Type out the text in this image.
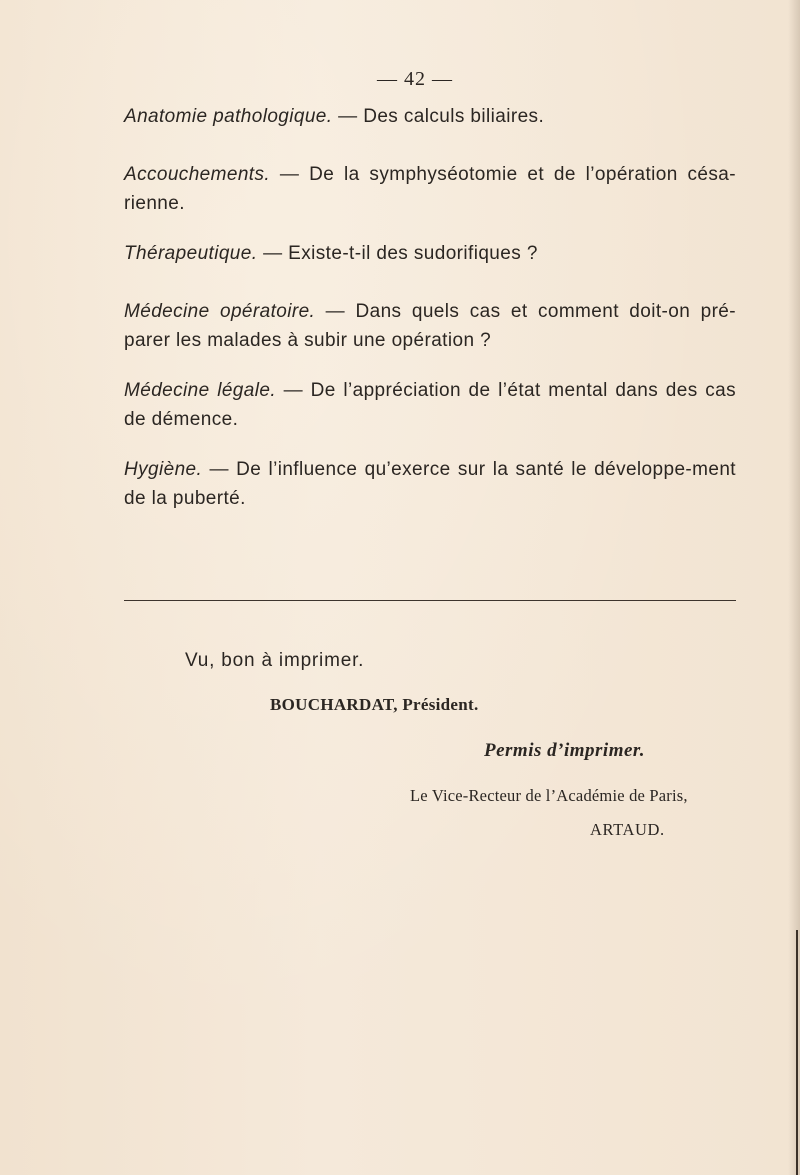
— 42 —
Anatomie pathologique. — Des calculs biliaires.
Accouchements. — De la symphyséotomie et de l’opération césa-rienne.
Thérapeutique. — Existe-t-il des sudorifiques ?
Médecine opératoire. — Dans quels cas et comment doit-on pré-parer les malades à subir une opération ?
Médecine légale. — De l’appréciation de l’état mental dans des cas de démence.
Hygiène. — De l’influence qu’exerce sur la santé le développe-ment de la puberté.
Vu, bon à imprimer.
BOUCHARDAT, Président.
Permis d’imprimer.
Le Vice-Recteur de l’Académie de Paris,
ARTAUD.
